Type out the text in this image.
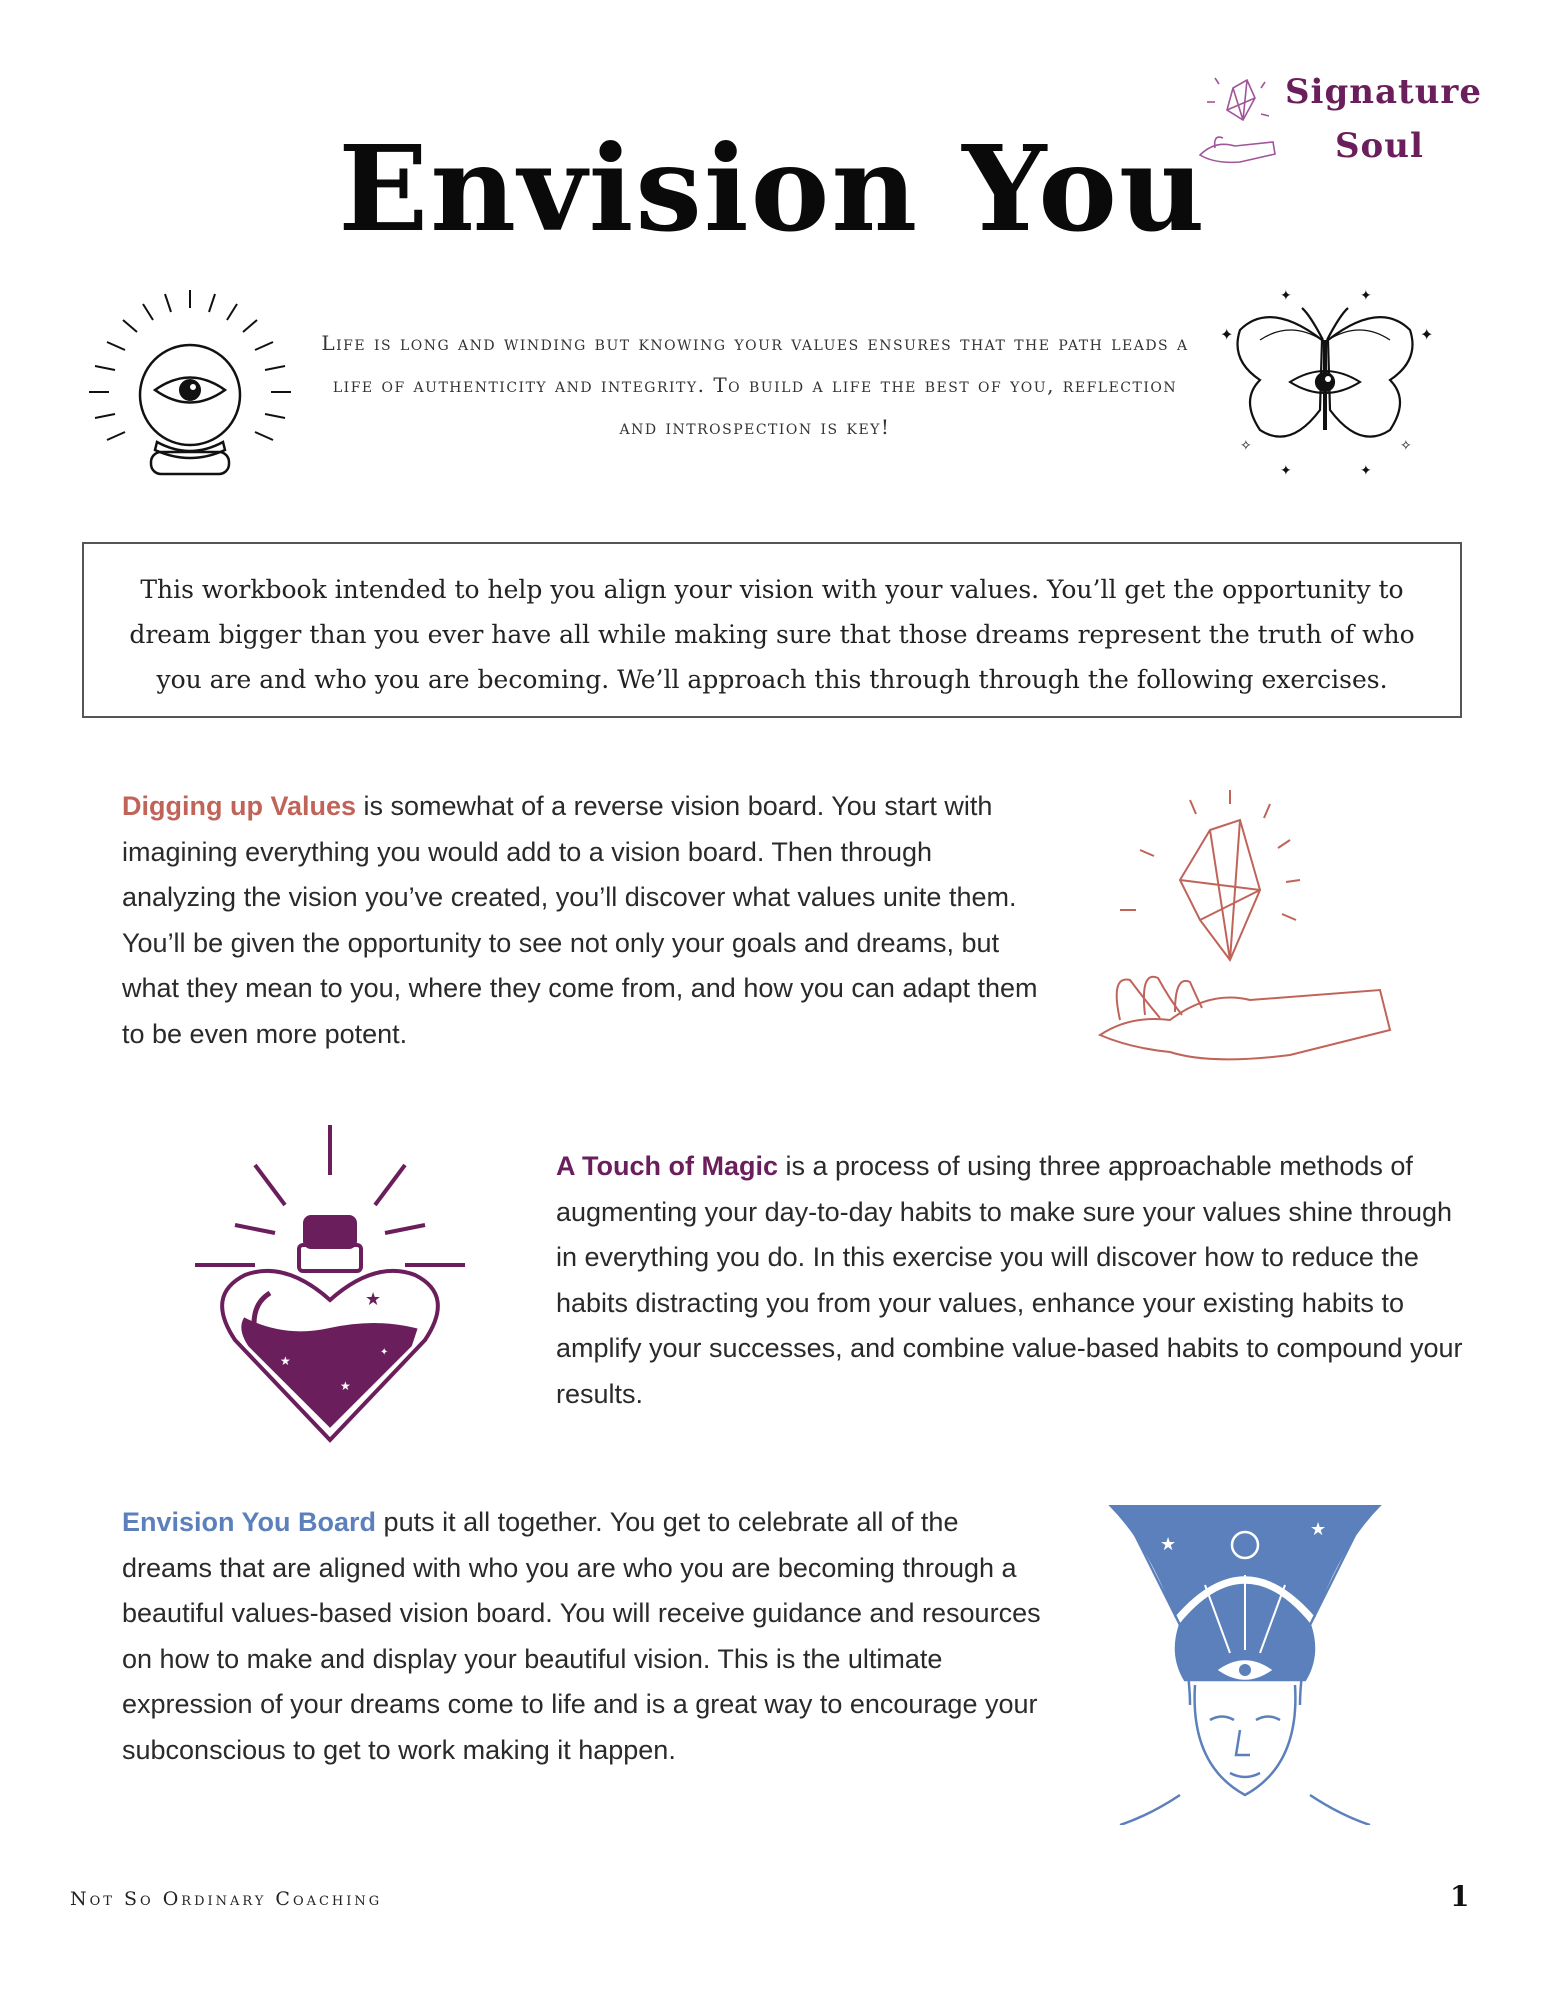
Signature
Soul
Envision You
Life is long and winding but knowing your values ensures that the path leads a life of authenticity and integrity. To build a life the best of you, reflection and introspection is key!
✦	✦
✦	✦
✧	✧
✦	✦

This workbook intended to help you align your vision with your values. You’ll get the opportunity to dream bigger than you ever have all while making sure that those dreams represent the truth of who you are and who you are becoming. We’ll approach this through through the following exercises.

Digging up Values is somewhat of a reverse vision board. You start with imagining everything you would add to a vision board. Then through analyzing the vision you’ve created, you’ll discover what values unite them. You’ll be given the opportunity to see not only your goals and dreams, but what they mean to you, where they come from, and how you can adapt them to be even more potent.

★
★
★
✦

A Touch of Magic is a process of using three approachable methods of augmenting your day-to-day habits to make sure your values shine through in everything you do. In this exercise you will discover how to reduce the habits distracting you from your values, enhance your existing habits to amplify your successes, and combine value-based habits to compound your results.

Envision You Board puts it all together. You get to celebrate all of the dreams that are aligned with who you are who you are becoming through a beautiful values-based vision board. You will receive guidance and resources on how to make and display your beautiful vision. This is the ultimate expression of your dreams come to life and is a great way to encourage your subconscious to get to work making it happen.

★
★
★	✦
Not So Ordinary Coaching	1
